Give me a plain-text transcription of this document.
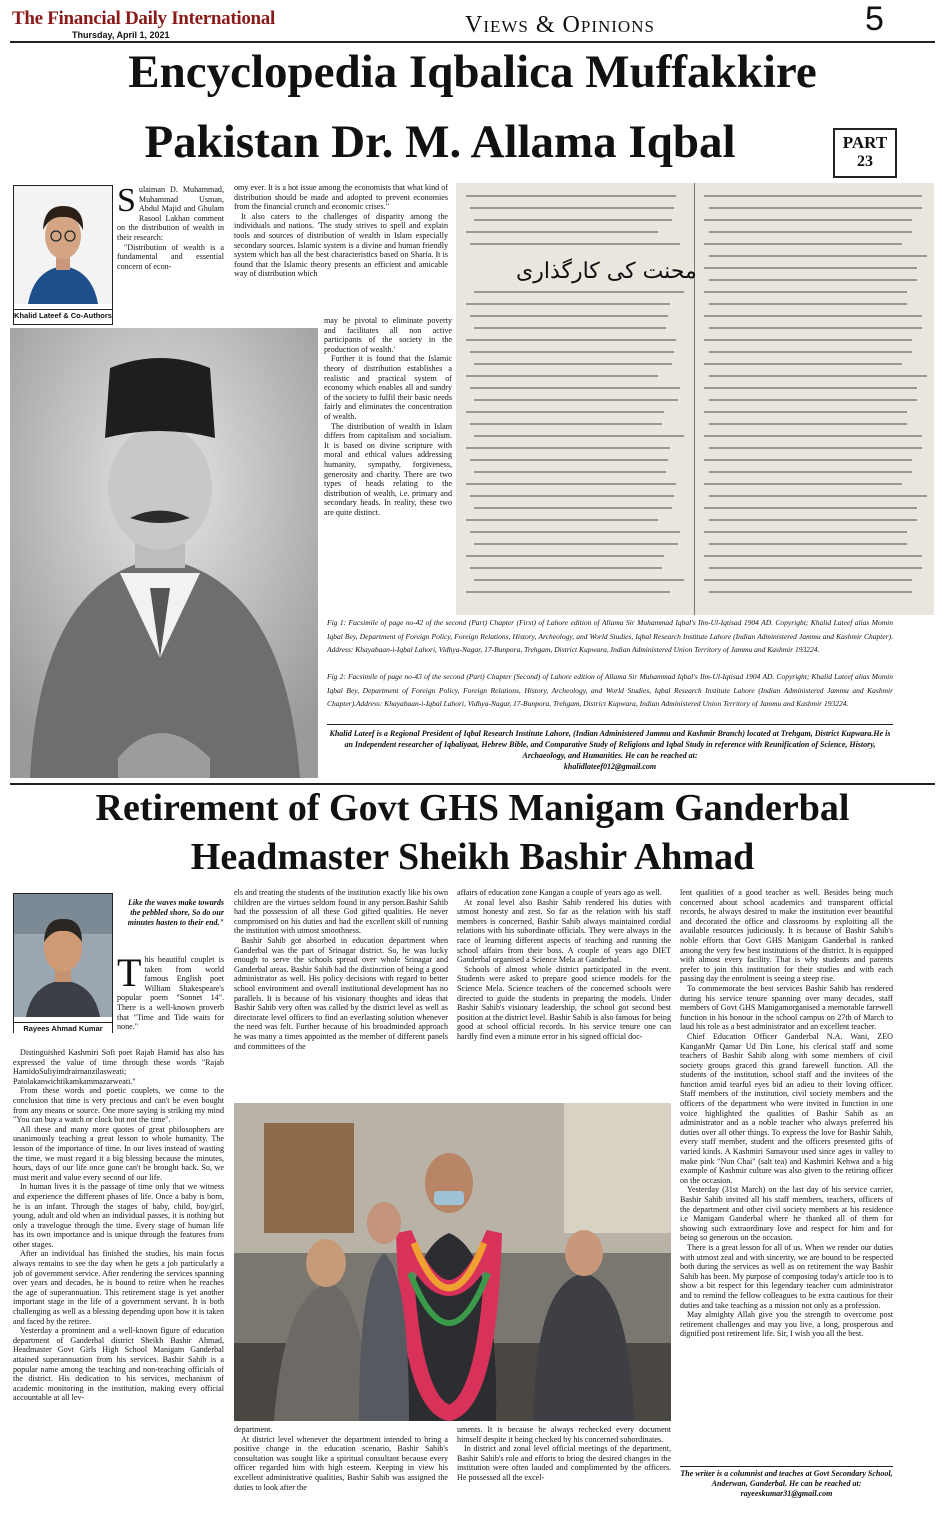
The Financial Daily International
Thursday, April 1, 2021	Views & Opinions	5
Encyclopedia Iqbalica Muffakkire
Pakistan Dr. M. Allama Iqbal	PART
23
Khalid Lateef & Co-Authors
S ulaiman D. Muhammad, Muhammad Usman, Abdul Majid and Ghulam Rasool Lakhan comment on the distribution of wealth in their research:

"Distribution of wealth is a fundamental and essential concern of econ-

omy ever. It is a hot issue among the economists that what kind of distribution should be made and adopted to prevent economies from the financial crunch and economic crises."

It also caters to the challenges of disparity among the individuals and nations. 'The study strives to spell and explain tools and sources of distribution of wealth in Islam especially secondary sources. Islamic system is a divine and human friendly system which has all the best characteristics based on Sharia. It is found that the Islamic theory presents an efficient and amicable way of distribution which

may be pivotal to eliminate poverty and facilitates all non active participants of the society in the production of wealth.'

Further it is found that the Islamic theory of distribution establishes a realistic and practical system of economy which enables all and sundry of the society to fulfil their basic needs fairly and eliminates the concentration of wealth.

The distribution of wealth in Islam differs from capitalism and socialism. It is based on divine scripture with moral and ethical values addressing humanity, sympathy, forgiveness, generosity and charity. There are two types of heads relating to the distribution of wealth, i.e. primary and secondary heads. In reality, these two are quite distinct.

محنت کی کارگذاری
Fig 1: Facsimile of page no-42 of the second (Part) Chapter (First) of Lahore edition of Allama Sir Muhammad Iqbal's Ilm-Ul-Iqtisad 1904 AD. Copyright; Khalid Lateef alias Momin Iqbal Bey, Department of Foreign Policy, Foreign Relations, History, Archeology, and World Studies, Iqbal Research Institute Lahore (Indian Administered Jammu and Kashmir Chapter). Address: Khayabaan-i-Iqbal Lahori, Vidhya-Nagar, 17-Bunpora, Trehgam, District Kupwara, Indian Administered Union Territory of Jammu and Kashmir 193224.
Fig 2: Facsimile of page no-43 of the second (Part) Chapter (Second) of Lahore edition of Allama Sir Muhammad Iqbal's Ilm-Ul-Iqtisad 1904 AD. Copyright; Khalid Lateef alias Momin Iqbal Bey, Department of Foreign Policy, Foreign Relations, History, Archeology, and World Studies, Iqbal Research Institute Lahore (Indian Administered Jammu and Kashmir Chapter).Address: Khayabaan-i-Iqbal Lahori, Vidhya-Nagar, 17-Bunpora, Trehgam, District Kupwara, Indian Administered Union Territory of Jammu and Kashmir 193224.
Khalid Lateef is a Regional President of Iqbal Research Institute Lahore, (Indian Administered Jammu and Kashmir Branch) located at Trehgam, District Kupwara.He is an Independent researcher of Iqbaliyaat, Hebrew Bible, and Comparative Study of Religions and Iqbal Study in reference with Reunification of Science, History, Archaeology, and Humanities. He can be reached at:
khalidlateef012@gmail.com
Retirement of Govt GHS Manigam Ganderbal
Headmaster Sheikh Bashir Ahmad
Rayees Ahmad Kumar
Like the waves make towards the pebbled shore, So do our minutes hasten to their end."
T his beautiful couplet is taken from world famous English poet William Shakespeare's popular poem "Sonnet 14". There is a well-known proverb that "Time and Tide waits for none."

Distinguished Kashmiri Sofi poet Rajab Hamid has also has expressed the value of time through these words "Rajab HamidoSuliyimdrairnanzilasweati; Patolakanwichtikamkammazarweati."

From these words and poetic couplets, we come to the conclusion that time is very precious and can't be even bought from any means or source. One more saying is striking my mind "You can buy a watch or clock but not the time".

All these and many more quotes of great philosophers are unanimously teaching a great lesson to whole humanity. The lesson of the importance of time. In our lives instead of wasting the time, we must regard it a big blessing because the minutes, hours, days of our life once gone can't be brought back. So, we must merit and value every second of our life.

In human lives it is the passage of time only that we witness and experience the different phases of life. Once a baby is born, he is an infant. Through the stages of baby, child, boy/girl, young, adult and old when an individual passes, it is nothing but only a travelogue through the time. Every stage of human life has its own importance and is unique through the features from other stages.

After an individual has finished the studies, his main focus always remains to see the day when he gets a job particularly a job of government service. After rendering the services spanning over years and decades, he is bound to retire when he reaches the age of superannuation. This retirement stage is yet another important stage in the life of a government servant. It is both challenging as well as a blessing depending upon how it is taken and faced by the retiree.

Yesterday a prominent and a well-known figure of education department of Ganderbal district Sheikh Bashir Ahmad, Headmaster Govt Girls High School Manigam Ganderbal attained superannuation from his services. Bashir Sahib is a popular name among the teaching and non-teaching officials of the district. His dedication to his services, mechanism of academic monitoring in the institution, making every official accountable at all lev-

els and treating the students of the institution exactly like his own children are the virtues seldom found in any person.Bashir Sahib had the possession of all these God gifted qualities. He never compromised on his duties and had the excellent skill of running the institution with utmost smoothness.

Bashir Sahib got absorbed in education department when Ganderbal was the part of Srinagar district. So, he was lucky enough to serve the schools spread over whole Srinagar and Ganderbal areas. Bashir Sahib had the distinction of being a good administrator as well. His policy decisions with regard to better school environment and overall institutional development has no parallels. It is because of his visionary thoughts and ideas that Bashir Sahib very often was called by the district level as well as directorate level officers to find an everlasting solution whenever the need was felt. Further because of his broadminded approach he was many a times appointed as the member of different panels and committees of the

affairs of education zone Kangan a couple of years ago as well.

At zonal level also Bashir Sahib rendered his duties with utmost honesty and zest. So far as the relation with his staff members is concerned, Bashir Sahib always maintained cordial relations with his subordinate officials. They were always in the race of learning different aspects of teaching and running the school affairs from their boss. A couple of years ago DIET Ganderbal organised a Science Mela at Ganderbal.

Schools of almost whole district participated in the event. Students were asked to prepare good science models for the Science Mela. Science teachers of the concerned schools were directed to guide the students in preparing the models. Under Bashir Sahib's visionary leadership, the school got second best position at the district level. Bashir Sahib is also famous for being good at school official records. In his service tenure one can hardly find even a minute error in his signed official doc-

department.

At district level whenever the department intended to bring a positive change in the education scenario, Bashir Sahib's consultation was sought like a spiritual consultant because every officer regarded him with high esteem. Keeping in view his excellent administrative qualities, Bashir Sahib was assigned the duties to look after the

uments. It is because he always rechecked every document himself despite it being checked by his concerned subordinates.

In district and zonal level official meetings of the department, Bashir Sahib's role and efforts to bring the desired changes in the institution were often lauded and complimented by the officers. He possessed all the excel-

lent qualities of a good teacher as well. Besides being much concerned about school academics and transparent official records, he always desired to make the institution ever beautiful and decorated the office and classrooms by exploiting all the available resources judiciously. It is because of Bashir Sahib's noble efforts that Govt GHS Manigam Ganderbal is ranked among the very few best institutions of the district. It is equipped with almost every facility. That is why students and parents prefer to join this institution for their studies and with each passing day the enrolment is seeing a steep rise.

To commemorate the best services Bashir Sahib has rendered during his service tenure spanning over many decades, staff members of Govt GHS Manigamorganised a memorable farewell function in his honour in the school campus on 27th of March to laud his role as a best administrator and an excellent teacher.

Chief Education Officer Ganderbal N.A. Wani, ZEO KanganMr Qamar Ud Din Lone, his clerical staff and some teachers of Bashir Sahib along with some members of civil society groups graced this grand farewell function. All the students of the institution, school staff and the invitees of the function amid tearful eyes bid an adieu to their loving officer. Staff members of the institution, civil society members and the officers of the department who were invited in function in one voice highlighted the qualities of Bashir Sahib as an administrator and as a noble teacher who always preferred his duties over all other things. To express the love for Bashir Sahib, every staff member, student and the officers presented gifts of varied kinds. A Kashmiri Samavour used since ages in valley to make pink "Nun Chai" (salt tea) and Kashmiri Kehwa and a big example of Kashmir culture was also given to the retiring officer on the occasion.

Yesterday (31st March) on the last day of his service carrier, Bashir Sahib invited all his staff members, teachers, officers of the department and other civil society members at his residence i.e Manigam Ganderbal where he thanked all of them for showing such extraordinary love and respect for him and for being so generous on the occasion.

There is a great lesson for all of us. When we render our duties with utmost zeal and with sincerity, we are bound to be respected both during the services as well as on retirement the way Bashir Sahib has been. My purpose of composing today's article too is to show a bit respect for this legendary teacher cum administrator and to remind the fellow colleagues to be extra cautious for their duties and take teaching as a mission not only as a profession.

May almighty Allah give you the strength to overcome post retirement challenges and may you live, a long, prosperous and dignified post retirement life. Sir, I wish you all the best.

The writer is a columnist and teaches at Govt Secondary School, Anderwan, Ganderbal. He can be reached at: rayeeskumar31@gmail.com
